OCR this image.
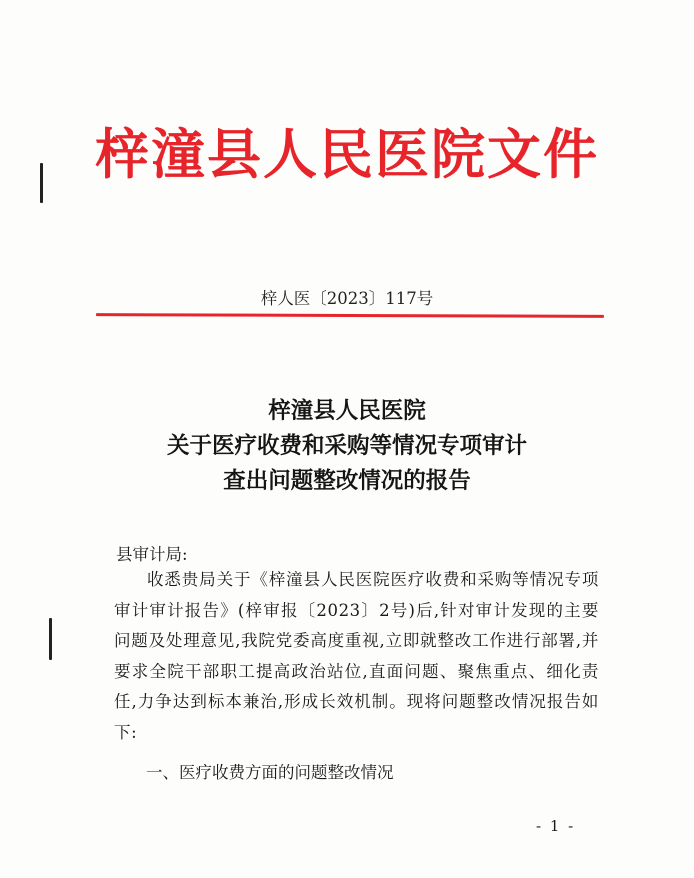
梓潼县人民医院文件
梓人医〔2023〕117号
梓潼县人民医院
关于医疗收费和采购等情况专项审计
查出问题整改情况的报告
县审计局:
收悉贵局关于《梓潼县人民医院医疗收费和采购等情况专项审计审计报告》(梓审报〔2023〕2号)后,针对审计发现的主要问题及处理意见,我院党委高度重视,立即就整改工作进行部署,并要求全院干部职工提高政治站位,直面问题、聚焦重点、细化责任,力争达到标本兼治,形成长效机制。现将问题整改情况报告如下:
一、医疗收费方面的问题整改情况
- 1 -
